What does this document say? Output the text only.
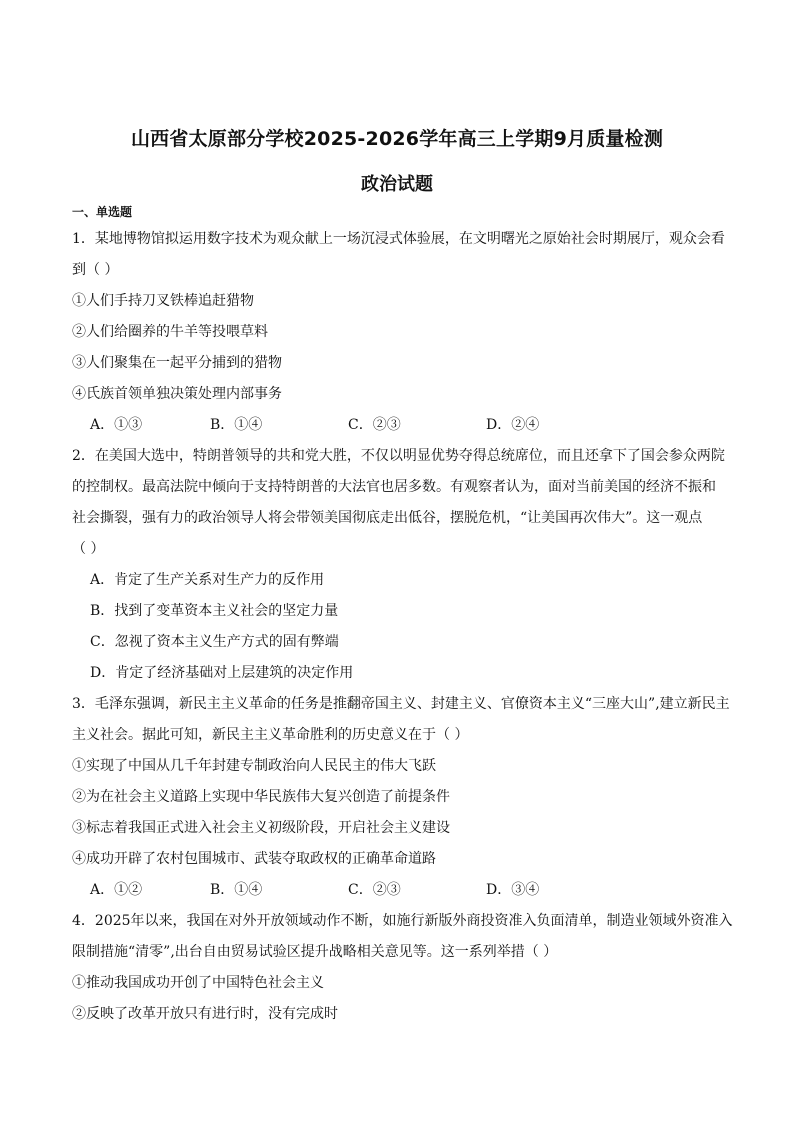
山西省太原部分学校2025-2026学年高三上学期9月质量检测
政治试题
一、单选题
1．某地博物馆拟运用数字技术为观众献上一场沉浸式体验展，在文明曙光之原始社会时期展厅，观众会看
到（ ）
①人们手持刀叉铁棒追赶猎物
②人们给圈养的牛羊等投喂草料
③人们聚集在一起平分捕到的猎物
④氏族首领单独决策处理内部事务
A．①③	B．①④	C．②③	D．②④
2．在美国大选中，特朗普领导的共和党大胜，不仅以明显优势夺得总统席位，而且还拿下了国会参众两院
的控制权。最高法院中倾向于支持特朗普的大法官也居多数。有观察者认为，面对当前美国的经济不振和
社会撕裂，强有力的政治领导人将会带领美国彻底走出低谷，摆脱危机，“让美国再次伟大”。这一观点
（ ）
A．肯定了生产关系对生产力的反作用
B．找到了变革资本主义社会的坚定力量
C．忽视了资本主义生产方式的固有弊端
D．肯定了经济基础对上层建筑的决定作用
3．毛泽东强调，新民主主义革命的任务是推翻帝国主义、封建主义、官僚资本主义“三座大山”,建立新民主
主义社会。据此可知，新民主主义革命胜利的历史意义在于（ ）
①实现了中国从几千年封建专制政治向人民民主的伟大飞跃
②为在社会主义道路上实现中华民族伟大复兴创造了前提条件
③标志着我国正式进入社会主义初级阶段，开启社会主义建设
④成功开辟了农村包围城市、武装夺取政权的正确革命道路
A．①②	B．①④	C．②③	D．③④
4．2025年以来，我国在对外开放领域动作不断，如施行新版外商投资准入负面清单，制造业领域外资准入
限制措施“清零”,出台自由贸易试验区提升战略相关意见等。这一系列举措（ ）
①推动我国成功开创了中国特色社会主义
②反映了改革开放只有进行时，没有完成时
